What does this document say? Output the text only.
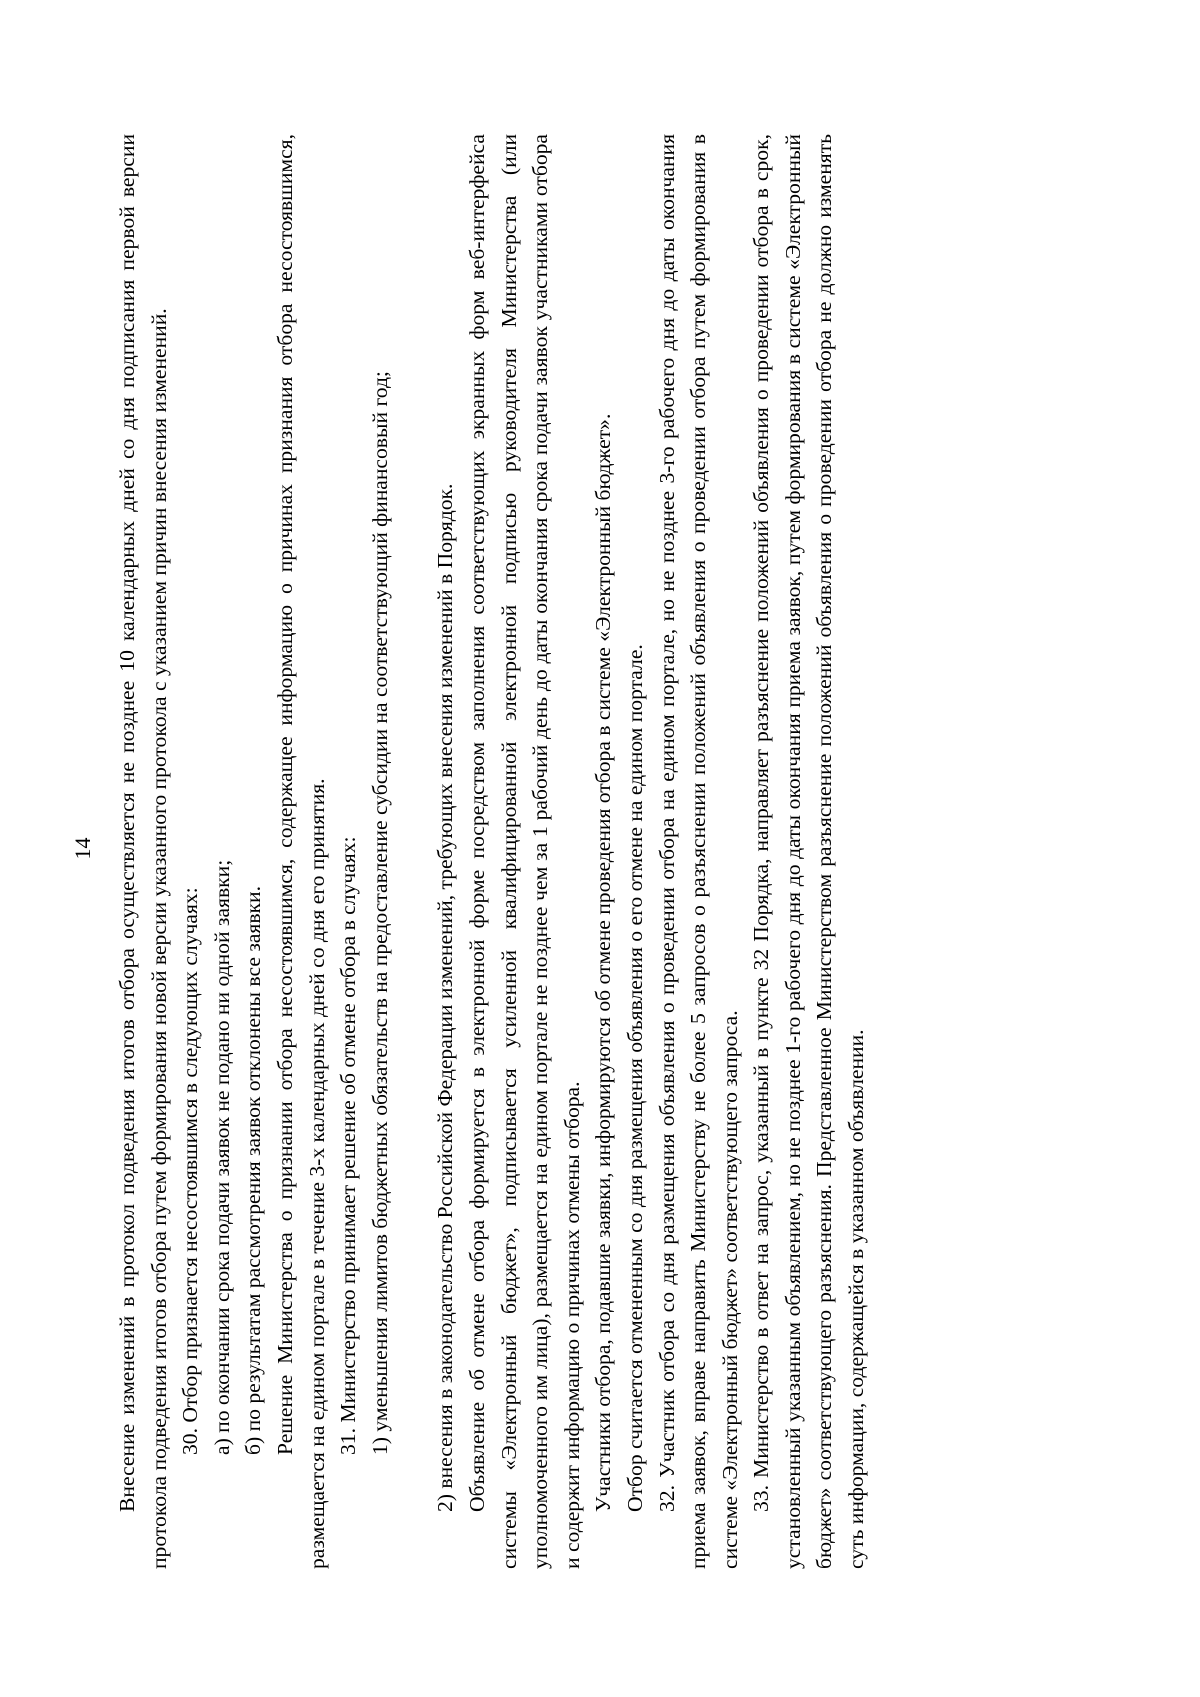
14 Внесение изменений в протокол подведения итогов отбора осуществляется не позднее 10 календарных дней со дня подписания первой версии протокола подведения итогов отбора путем формирования новой версии указанного протокола с указанием причин внесения изменений. 30. Отбор признается несостоявшимся в следующих случаях: а) по окончании срока подачи заявок не подано ни одной заявки; б) по результатам рассмотрения заявок отклонены все заявки. Решение Министерства о признании отбора несостоявшимся, содержащее информацию о причинах признания отбора несостоявшимся, размещается на едином портале в течение 3-х календарных дней со дня его принятия. 31. Министерство принимает решение об отмене отбора в случаях: 1) уменьшения лимитов бюджетных обязательств на предоставление субсидии на соответствующий финансовый год; 2) внесения в законодательство Российской Федерации изменений, требующих внесения изменений в Порядок. Объявление об отмене отбора формируется в электронной форме посредством заполнения соответствующих экранных форм веб-интерфейса системы «Электронный бюджет», подписывается усиленной квалифицированной электронной подписью руководителя Министерства (или уполномоченного им лица), размещается на едином портале не позднее чем за 1 рабочий день до даты окончания срока подачи заявок участниками отбора и содержит информацию о причинах отмены отбора. Участники отбора, подавшие заявки, информируются об отмене проведения отбора в системе «Электронный бюджет». Отбор считается отмененным со дня размещения объявления о его отмене на едином портале. 32. Участник отбора со дня размещения объявления о проведении отбора на едином портале, но не позднее 3-го рабочего дня до даты окончания приема заявок, вправе направить Министерству не более 5 запросов о разъяснении положений объявления о проведении отбора путем формирования в системе «Электронный бюджет» соответствующего запроса. 33. Министерство в ответ на запрос, указанный в пункте 32 Порядка, направляет разъяснение положений объявления о проведении отбора в срок, установленный указанным объявлением, но не позднее 1-го рабочего дня до даты окончания приема заявок, путем формирования в системе «Электронный бюджет» соответствующего разъяснения. Представленное Министерством разъяснение положений объявления о проведении отбора не должно изменять суть информации, содержащейся в указанном объявлении.
